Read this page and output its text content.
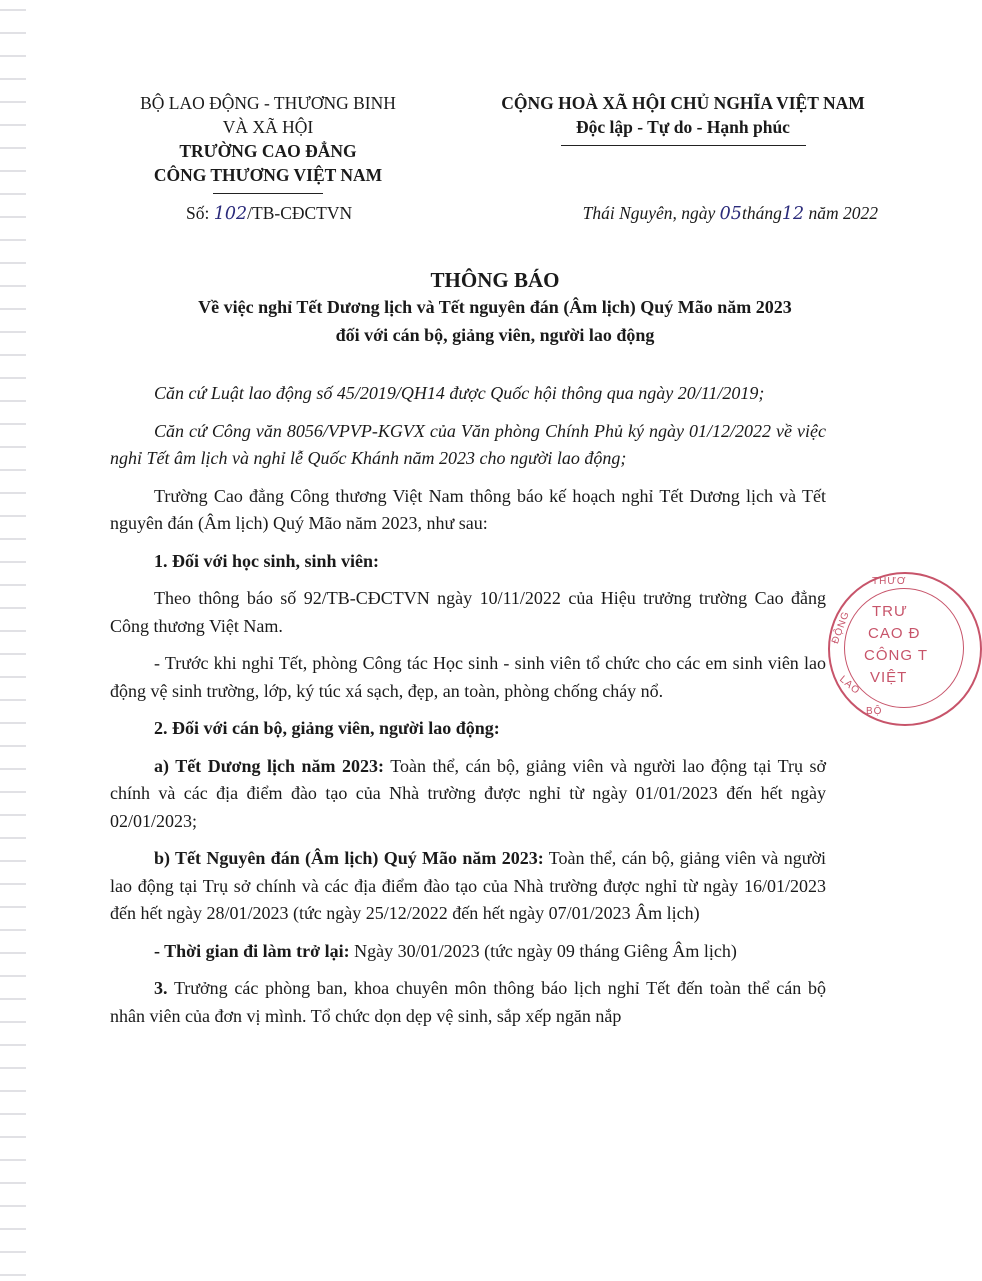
BỘ LAO ĐỘNG - THƯƠNG BINH
VÀ XÃ HỘI
TRƯỜNG CAO ĐẲNG
CÔNG THƯƠNG VIỆT NAM
CỘNG HOÀ XÃ HỘI CHỦ NGHĨA VIỆT NAM
Độc lập - Tự do - Hạnh phúc
Số: 102/TB-CĐCTVN	Thái Nguyên, ngày 05tháng12 năm 2022
THÔNG BÁO
Về việc nghỉ Tết Dương lịch và Tết nguyên đán (Âm lịch) Quý Mão năm 2023
đối với cán bộ, giảng viên, người lao động

Căn cứ Luật lao động số 45/2019/QH14 được Quốc hội thông qua ngày 20/11/2019;

Căn cứ Công văn 8056/VPVP-KGVX của Văn phòng Chính Phủ ký ngày 01/12/2022 về việc nghỉ Tết âm lịch và nghỉ lễ Quốc Khánh năm 2023 cho người lao động;

Trường Cao đẳng Công thương Việt Nam thông báo kế hoạch nghỉ Tết Dương lịch và Tết nguyên đán (Âm lịch) Quý Mão năm 2023, như sau:

1. Đối với học sinh, sinh viên:

Theo thông báo số 92/TB-CĐCTVN ngày 10/11/2022 của Hiệu trưởng trường Cao đẳng Công thương Việt Nam.

- Trước khi nghỉ Tết, phòng Công tác Học sinh - sinh viên tổ chức cho các em sinh viên lao động vệ sinh trường, lớp, ký túc xá sạch, đẹp, an toàn, phòng chống cháy nổ.

2. Đối với cán bộ, giảng viên, người lao động:

a) Tết Dương lịch năm 2023: Toàn thể, cán bộ, giảng viên và người lao động tại Trụ sở chính và các địa điểm đào tạo của Nhà trường được nghỉ từ ngày 01/01/2023 đến hết ngày 02/01/2023;

b) Tết Nguyên đán (Âm lịch) Quý Mão năm 2023: Toàn thể, cán bộ, giảng viên và người lao động tại Trụ sở chính và các địa điểm đào tạo của Nhà trường được nghỉ từ ngày 16/01/2023 đến hết ngày 28/01/2023 (tức ngày 25/12/2022 đến hết ngày 07/01/2023 Âm lịch)

- Thời gian đi làm trở lại: Ngày 30/01/2023 (tức ngày 09 tháng Giêng Âm lịch)

3. Trưởng các phòng ban, khoa chuyên môn thông báo lịch nghỉ Tết đến toàn thể cán bộ nhân viên của đơn vị mình. Tổ chức dọn dẹp vệ sinh, sắp xếp ngăn nắp

THƯƠ
ĐỘNG
LAO
BỘ
TRƯ
CAO Đ
CÔNG T
VIỆT
